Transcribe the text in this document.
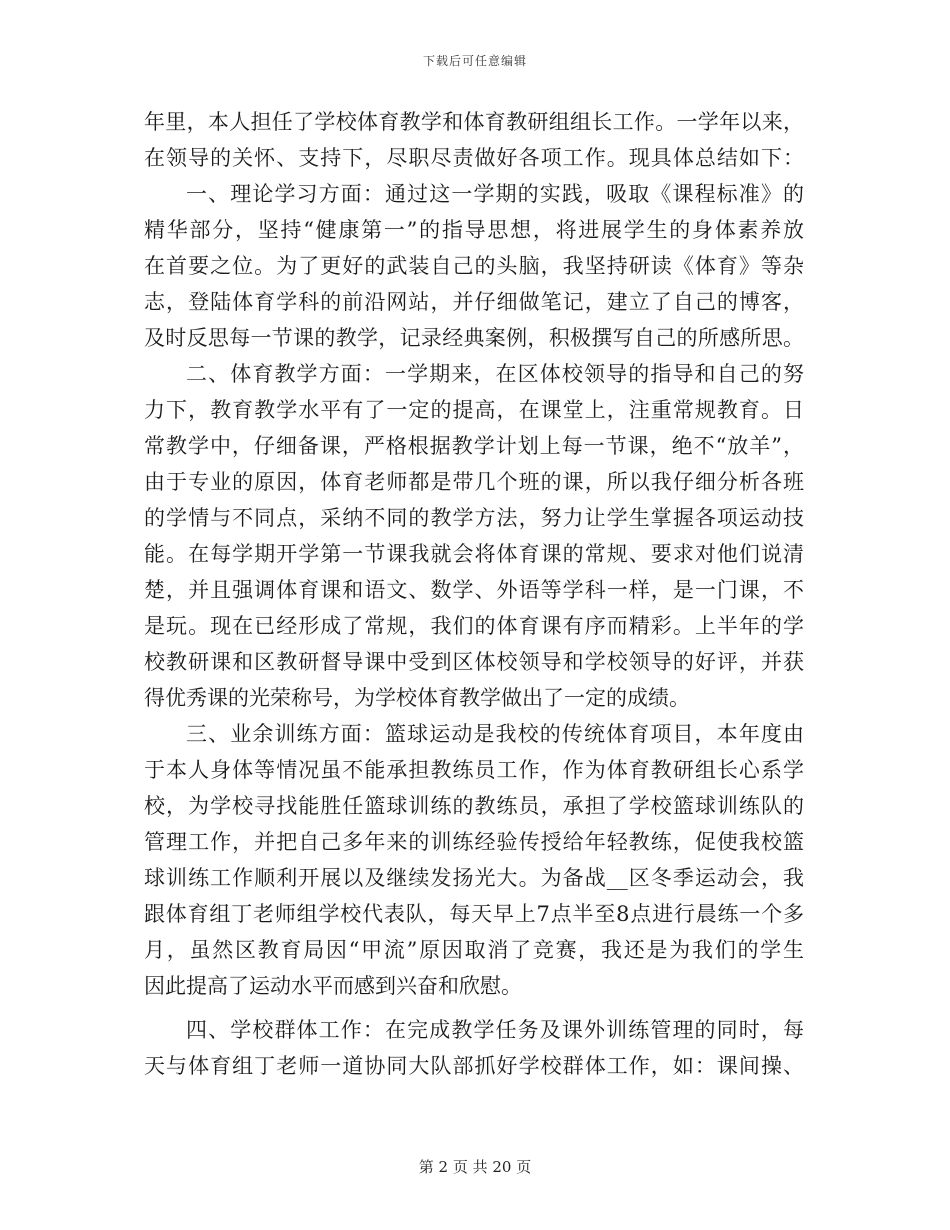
下载后可任意编辑
年里，本人担任了学校体育教学和体育教研组组长工作。一学年以来，
在领导的关怀、支持下，尽职尽责做好各项工作。现具体总结如下：
一、理论学习方面：通过这一学期的实践，吸取《课程标准》的
精华部分，坚持“健康第一”的指导思想，将进展学生的身体素养放
在首要之位。为了更好的武装自己的头脑，我坚持研读《体育》等杂
志，登陆体育学科的前沿网站，并仔细做笔记，建立了自己的博客，
及时反思每一节课的教学，记录经典案例，积极撰写自己的所感所思。
二、体育教学方面：一学期来，在区体校领导的指导和自己的努
力下，教育教学水平有了一定的提高，在课堂上，注重常规教育。日
常教学中，仔细备课，严格根据教学计划上每一节课，绝不“放羊”，
由于专业的原因，体育老师都是带几个班的课，所以我仔细分析各班
的学情与不同点，采纳不同的教学方法，努力让学生掌握各项运动技
能。在每学期开学第一节课我就会将体育课的常规、要求对他们说清
楚，并且强调体育课和语文、数学、外语等学科一样，是一门课，不
是玩。现在已经形成了常规，我们的体育课有序而精彩。上半年的学
校教研课和区教研督导课中受到区体校领导和学校领导的好评，并获
得优秀课的光荣称号，为学校体育教学做出了一定的成绩。
三、业余训练方面：篮球运动是我校的传统体育项目，本年度由
于本人身体等情况虽不能承担教练员工作，作为体育教研组长心系学
校，为学校寻找能胜任篮球训练的教练员，承担了学校篮球训练队的
管理工作，并把自己多年来的训练经验传授给年轻教练，促使我校篮
球训练工作顺利开展以及继续发扬光大。为备战__区冬季运动会，我
跟体育组丁老师组学校代表队，每天早上7点半至8点进行晨练一个多
月，虽然区教育局因“甲流”原因取消了竞赛，我还是为我们的学生
因此提高了运动水平而感到兴奋和欣慰。
四、学校群体工作：在完成教学任务及课外训练管理的同时，每
天与体育组丁老师一道协同大队部抓好学校群体工作，如：课间操、
第 2 页 共 20 页
